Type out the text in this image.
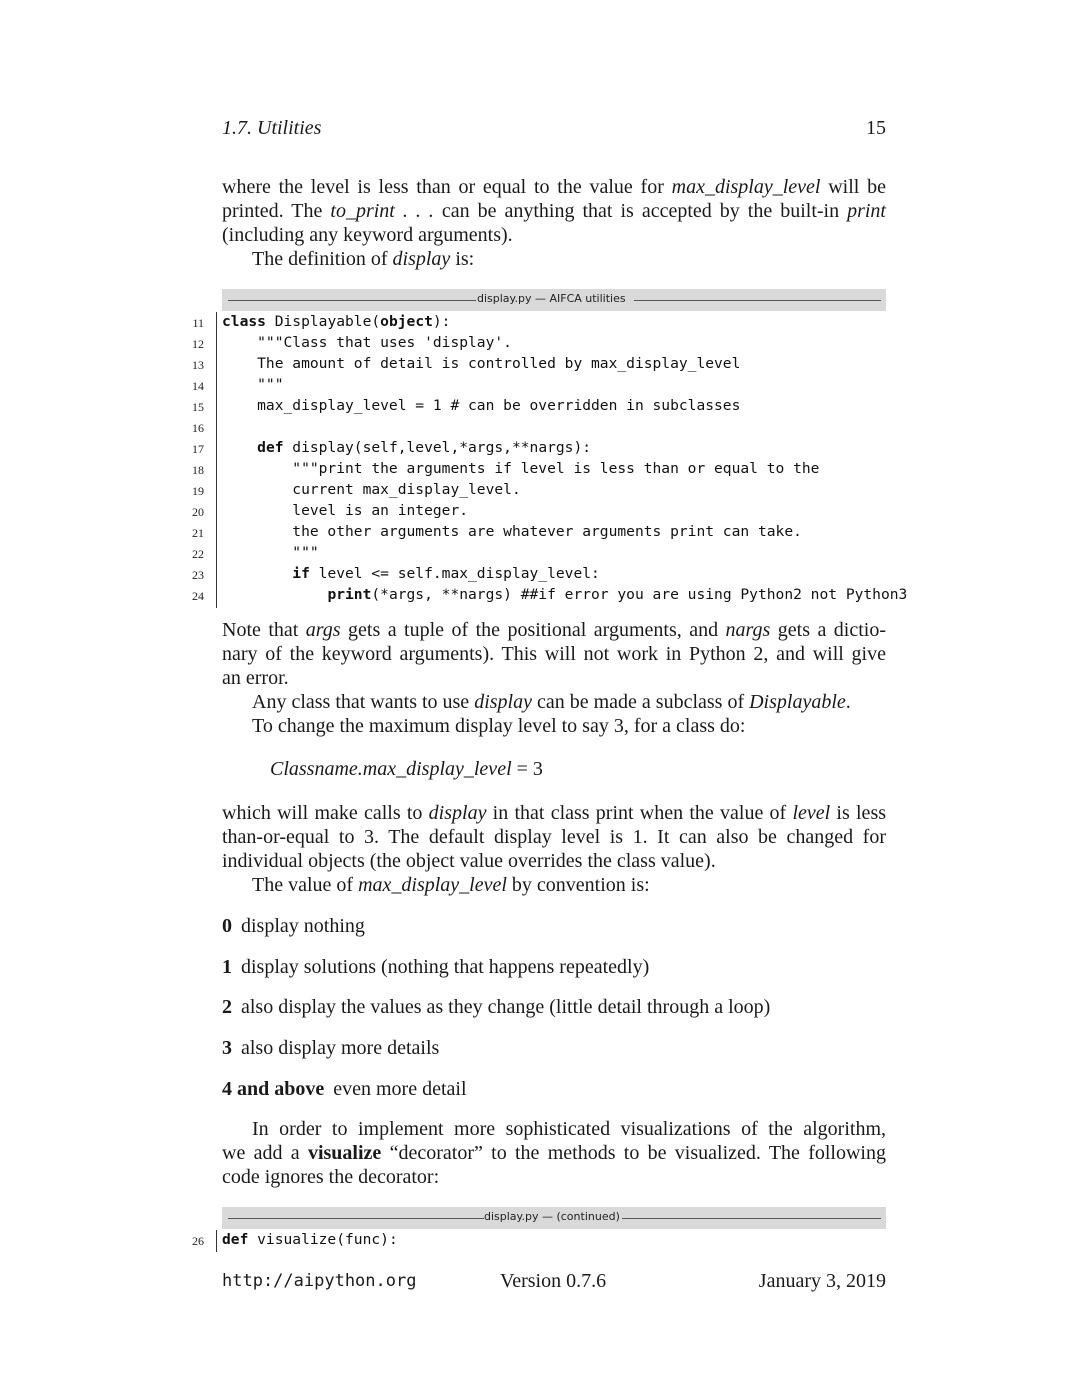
1.7. Utilities	15
where the level is less than or equal to the value for max_display_level will be
printed. The to_print . . . can be anything that is accepted by the built-in print
(including any keyword arguments).
The definition of display is:
display.py — AIFCA utilities
11 class Displayable(object):
12 """Class that uses 'display'.
13 The amount of detail is controlled by max_display_level
14 """
15 max_display_level = 1 # can be overridden in subclasses
16
17	def display(self,level,*args,**nargs):
18 """print the arguments if level is less than or equal to the
19 current max_display_level.
20 level is an integer.
21 the other arguments are whatever arguments print can take.
22 """
23	if level <= self.max_display_level:
24	print(*args, **nargs) ##if error you are using Python2 not Python3
Note that args gets a tuple of the positional arguments, and nargs gets a dictio-
nary of the keyword arguments). This will not work in Python 2, and will give
an error.
Any class that wants to use display can be made a subclass of Displayable.
To change the maximum display level to say 3, for a class do:
Classname.max_display_level = 3
which will make calls to display in that class print when the value of level is less
than-or-equal to 3. The default display level is 1. It can also be changed for
individual objects (the object value overrides the class value).
The value of max_display_level by convention is:
0 display nothing
1 display solutions (nothing that happens repeatedly)
2 also display the values as they change (little detail through a loop)
3 also display more details
4 and above even more detail
In order to implement more sophisticated visualizations of the algorithm,
we add a visualize “decorator” to the methods to be visualized. The following
code ignores the decorator:
display.py — (continued)
26 def visualize(func):
http://aipython.org	Version 0.7.6	January 3, 2019
